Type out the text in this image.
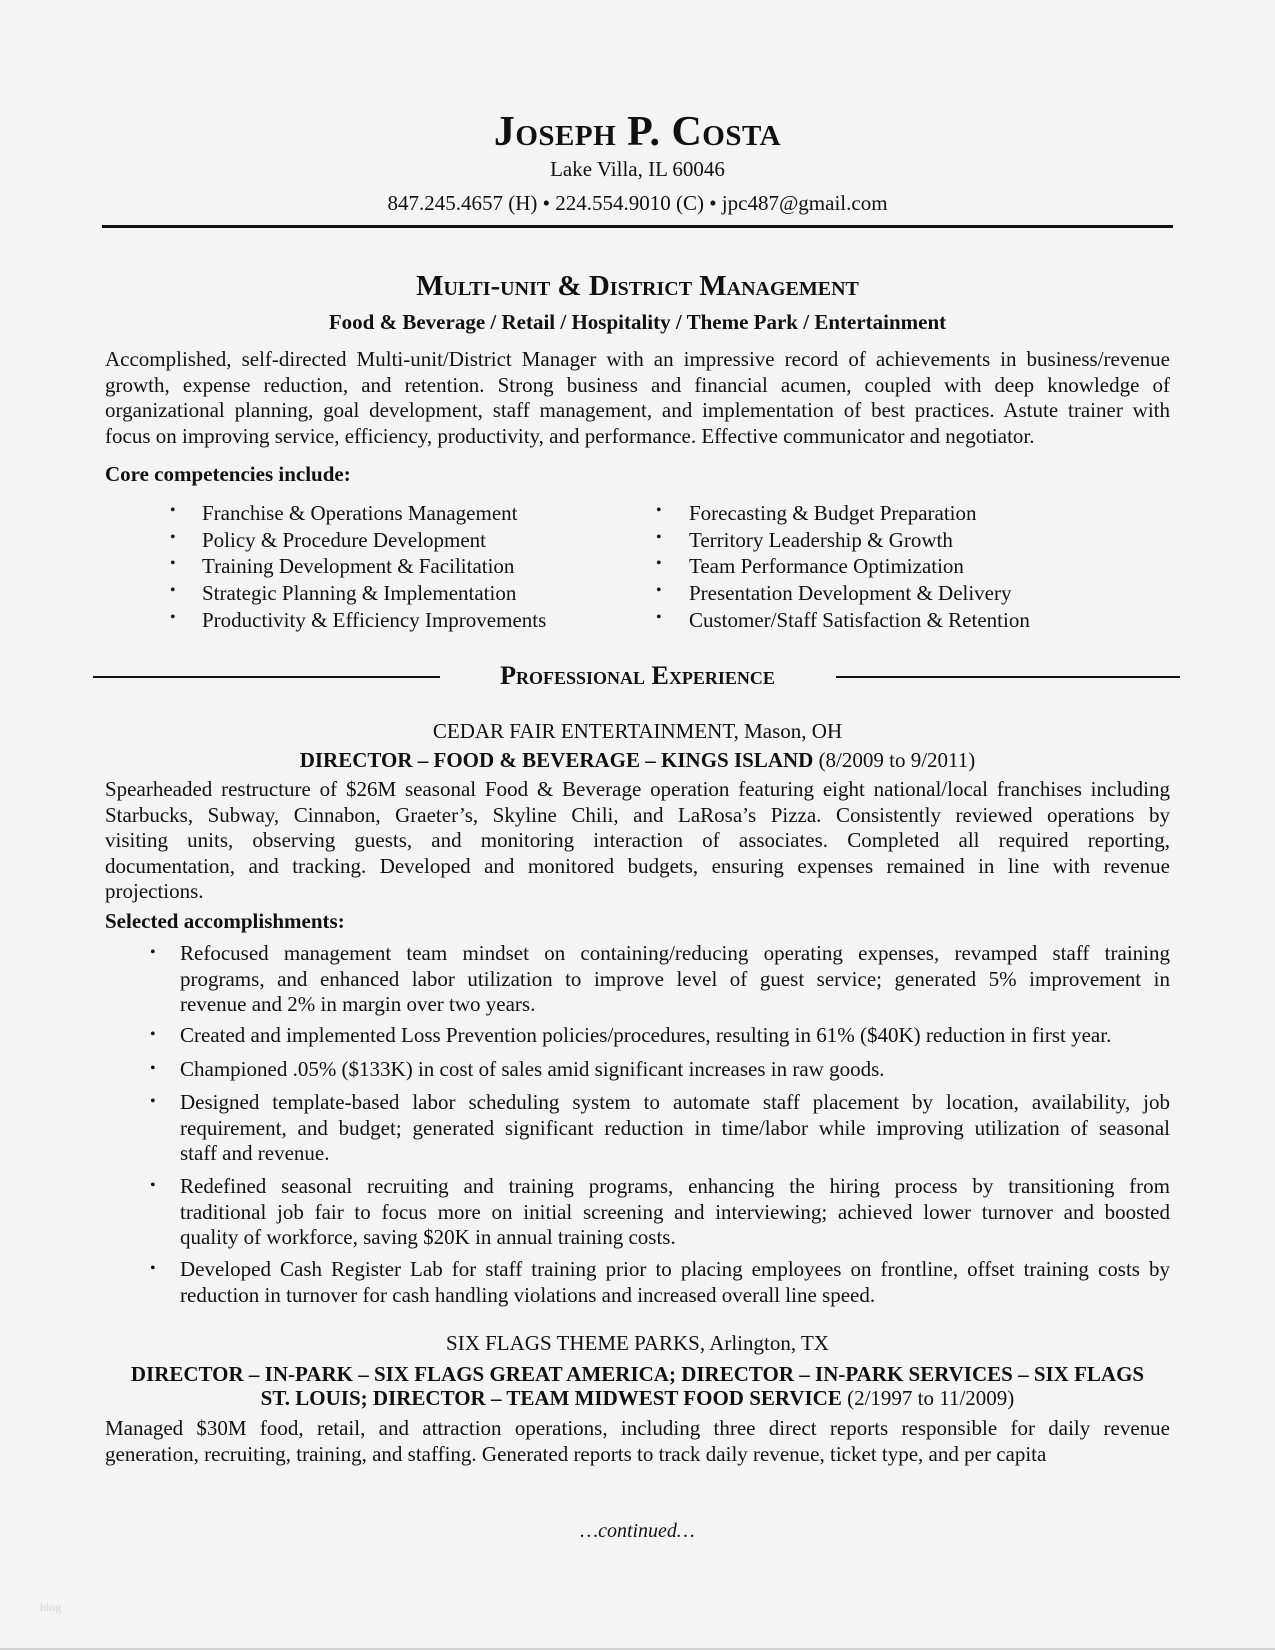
Joseph P. Costa
Lake Villa, IL 60046
847.245.4657 (H) • 224.554.9010 (C) • jpc487@gmail.com
Multi-unit & District Management
Food & Beverage / Retail / Hospitality / Theme Park / Entertainment
Accomplished, self-directed Multi-unit/District Manager with an impressive record of achievements in business/revenue
growth, expense reduction, and retention. Strong business and financial acumen, coupled with deep knowledge of
organizational planning, goal development, staff management, and implementation of best practices. Astute trainer with
focus on improving service, efficiency, productivity, and performance. Effective communicator and negotiator.
Core competencies include:
• Franchise & Operations Management
• Policy & Procedure Development
• Training Development & Facilitation
• Strategic Planning & Implementation
• Productivity & Efficiency Improvements
• Forecasting & Budget Preparation
• Territory Leadership & Growth
• Team Performance Optimization
• Presentation Development & Delivery
• Customer/Staff Satisfaction & Retention
Professional Experience
CEDAR FAIR ENTERTAINMENT, Mason, OH
DIRECTOR – FOOD & BEVERAGE – KINGS ISLAND (8/2009 to 9/2011)
Spearheaded restructure of $26M seasonal Food & Beverage operation featuring eight national/local franchises including
Starbucks, Subway, Cinnabon, Graeter’s, Skyline Chili, and LaRosa’s Pizza. Consistently reviewed operations by
visiting units, observing guests, and monitoring interaction of associates. Completed all required reporting,
documentation, and tracking. Developed and monitored budgets, ensuring expenses remained in line with revenue
projections.
Selected accomplishments:
• Refocused management team mindset on containing/reducing operating expenses, revamped staff training
programs, and enhanced labor utilization to improve level of guest service; generated 5% improvement in
revenue and 2% in margin over two years.
• Created and implemented Loss Prevention policies/procedures, resulting in 61% ($40K) reduction in first year.
• Championed .05% ($133K) in cost of sales amid significant increases in raw goods.
• Designed template-based labor scheduling system to automate staff placement by location, availability, job
requirement, and budget; generated significant reduction in time/labor while improving utilization of seasonal
staff and revenue.
• Redefined seasonal recruiting and training programs, enhancing the hiring process by transitioning from
traditional job fair to focus more on initial screening and interviewing; achieved lower turnover and boosted
quality of workforce, saving $20K in annual training costs.
• Developed Cash Register Lab for staff training prior to placing employees on frontline, offset training costs by
reduction in turnover for cash handling violations and increased overall line speed.
SIX FLAGS THEME PARKS, Arlington, TX
DIRECTOR – IN-PARK – SIX FLAGS GREAT AMERICA; DIRECTOR – IN-PARK SERVICES – SIX FLAGS
ST. LOUIS; DIRECTOR – TEAM MIDWEST FOOD SERVICE (2/1997 to 11/2009)
Managed $30M food, retail, and attraction operations, including three direct reports responsible for daily revenue
generation, recruiting, training, and staffing. Generated reports to track daily revenue, ticket type, and per capita
…continued…
blog
